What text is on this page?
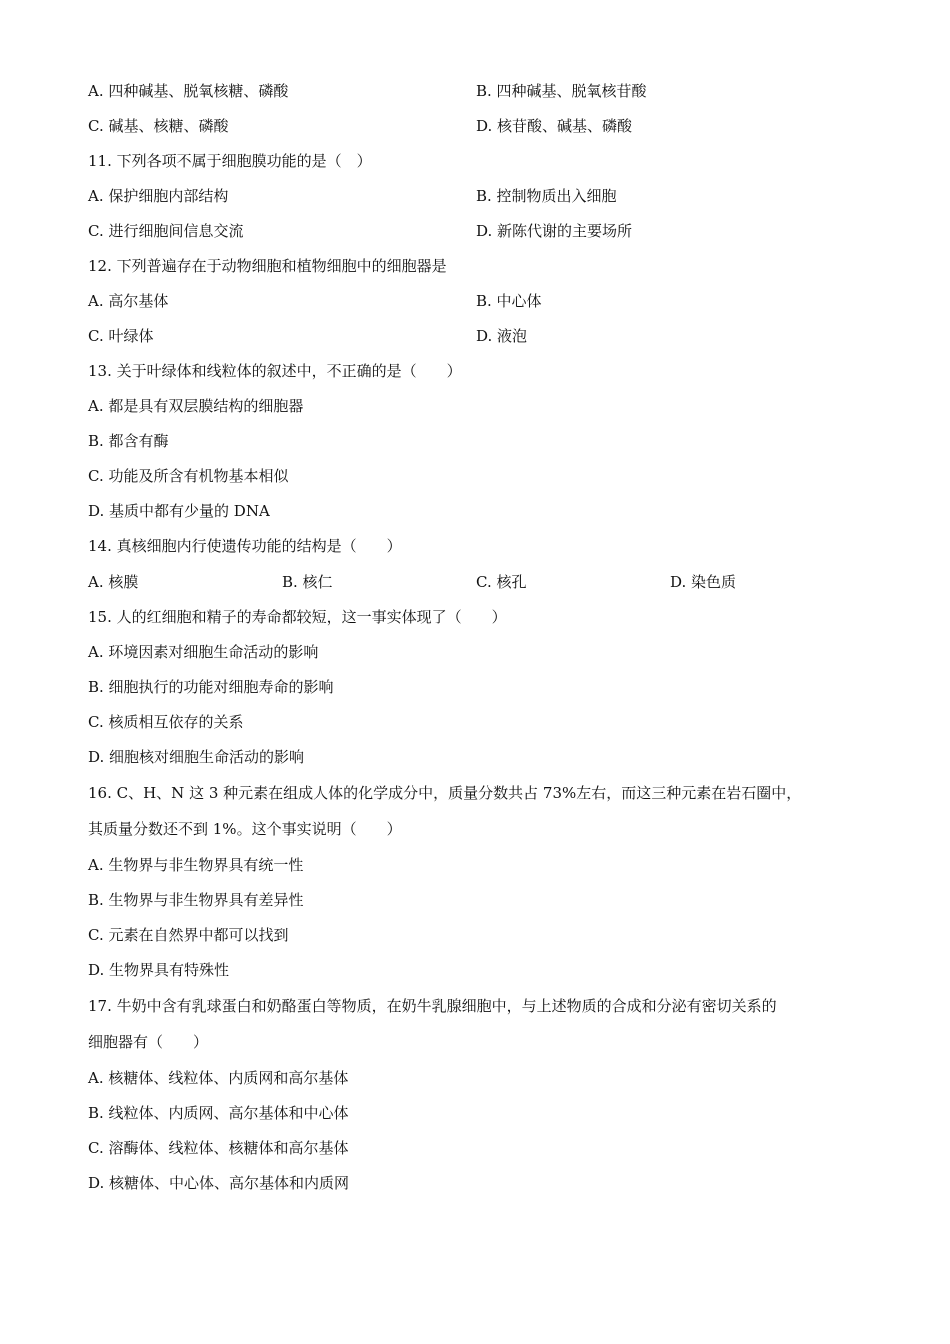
A. 四种碱基、脱氧核糖、磷酸	B. 四种碱基、脱氧核苷酸
C. 碱基、核糖、磷酸	D. 核苷酸、碱基、磷酸
11. 下列各项不属于细胞膜功能的是（　）
A. 保护细胞内部结构	B. 控制物质出入细胞
C. 进行细胞间信息交流	D. 新陈代谢的主要场所
12. 下列普遍存在于动物细胞和植物细胞中的细胞器是
A. 高尔基体	B. 中心体
C. 叶绿体	D. 液泡
13. 关于叶绿体和线粒体的叙述中，不正确的是（　　）
A. 都是具有双层膜结构的细胞器
B. 都含有酶
C. 功能及所含有机物基本相似
D. 基质中都有少量的 DNA
14. 真核细胞内行使遗传功能的结构是（　　）
A. 核膜	B. 核仁	C. 核孔	D. 染色质
15. 人的红细胞和精子的寿命都较短，这一事实体现了（　　）
A. 环境因素对细胞生命活动的影响
B. 细胞执行的功能对细胞寿命的影响
C. 核质相互依存的关系
D. 细胞核对细胞生命活动的影响
16. C、H、N 这 3 种元素在组成人体的化学成分中，质量分数共占 73%左右，而这三种元素在岩石圈中，
其质量分数还不到 1%。这个事实说明（　　）
A. 生物界与非生物界具有统一性
B. 生物界与非生物界具有差异性
C. 元素在自然界中都可以找到
D. 生物界具有特殊性
17. 牛奶中含有乳球蛋白和奶酪蛋白等物质，在奶牛乳腺细胞中，与上述物质的合成和分泌有密切关系的
细胞器有（　　）
A. 核糖体、线粒体、内质网和高尔基体
B. 线粒体、内质网、高尔基体和中心体
C. 溶酶体、线粒体、核糖体和高尔基体
D. 核糖体、中心体、高尔基体和内质网
